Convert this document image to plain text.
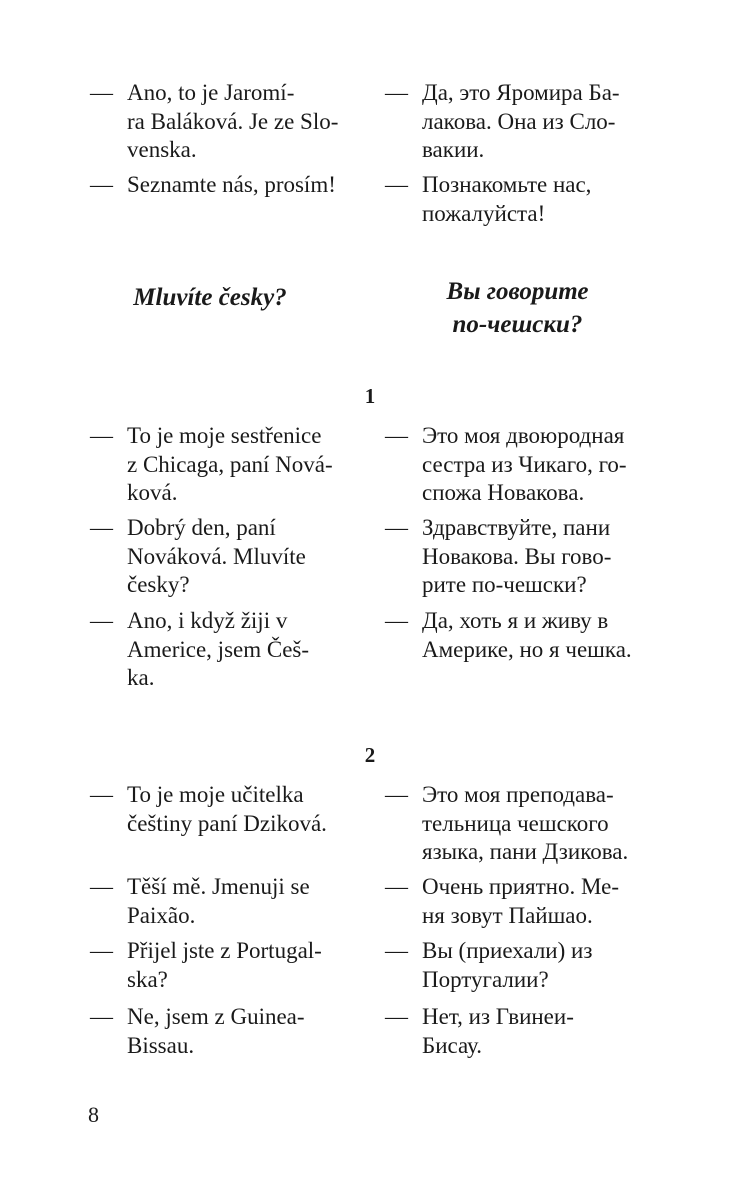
— Ano, to je Jaromí-
ra Baláková. Je ze Slo-
venska.
— Да, это Яромира Ба-
лакова. Она из Сло-
вакии.
— Seznamte nás, prosím! — Познакомьте нас,
пожалуйста!
Mluvíte česky?	Вы говорите
по-чешски?
1
— To je moje sestřenice
z Chicaga, paní Nová-
ková.
— Это моя двоюродная
сестра из Чикаго, го-
спожа Новакова.
— Dobrý den, paní
Nováková. Mluvíte
česky?
— Здравствуйте, пани
Новакова. Вы гово-
рите по-чешски?
— Ano, i když žiji v
Americe, jsem Češ-
ka.
— Да, хоть я и живу в
Америке, но я чешка.
2
— To je moje učitelka
češtiny paní Dziková.
— Это моя преподава-
тельница чешского
языка, пани Дзикова.
— Těší mě. Jmenuji se
Paixão.
— Очень приятно. Ме-
ня зовут Пайшао.
— Přijel jste z Portugal-
ska?
— Вы (приехали) из
Португалии?
— Ne, jsem z Guinea-
Bissau.
— Нет, из Гвинеи-
Бисау.
8
